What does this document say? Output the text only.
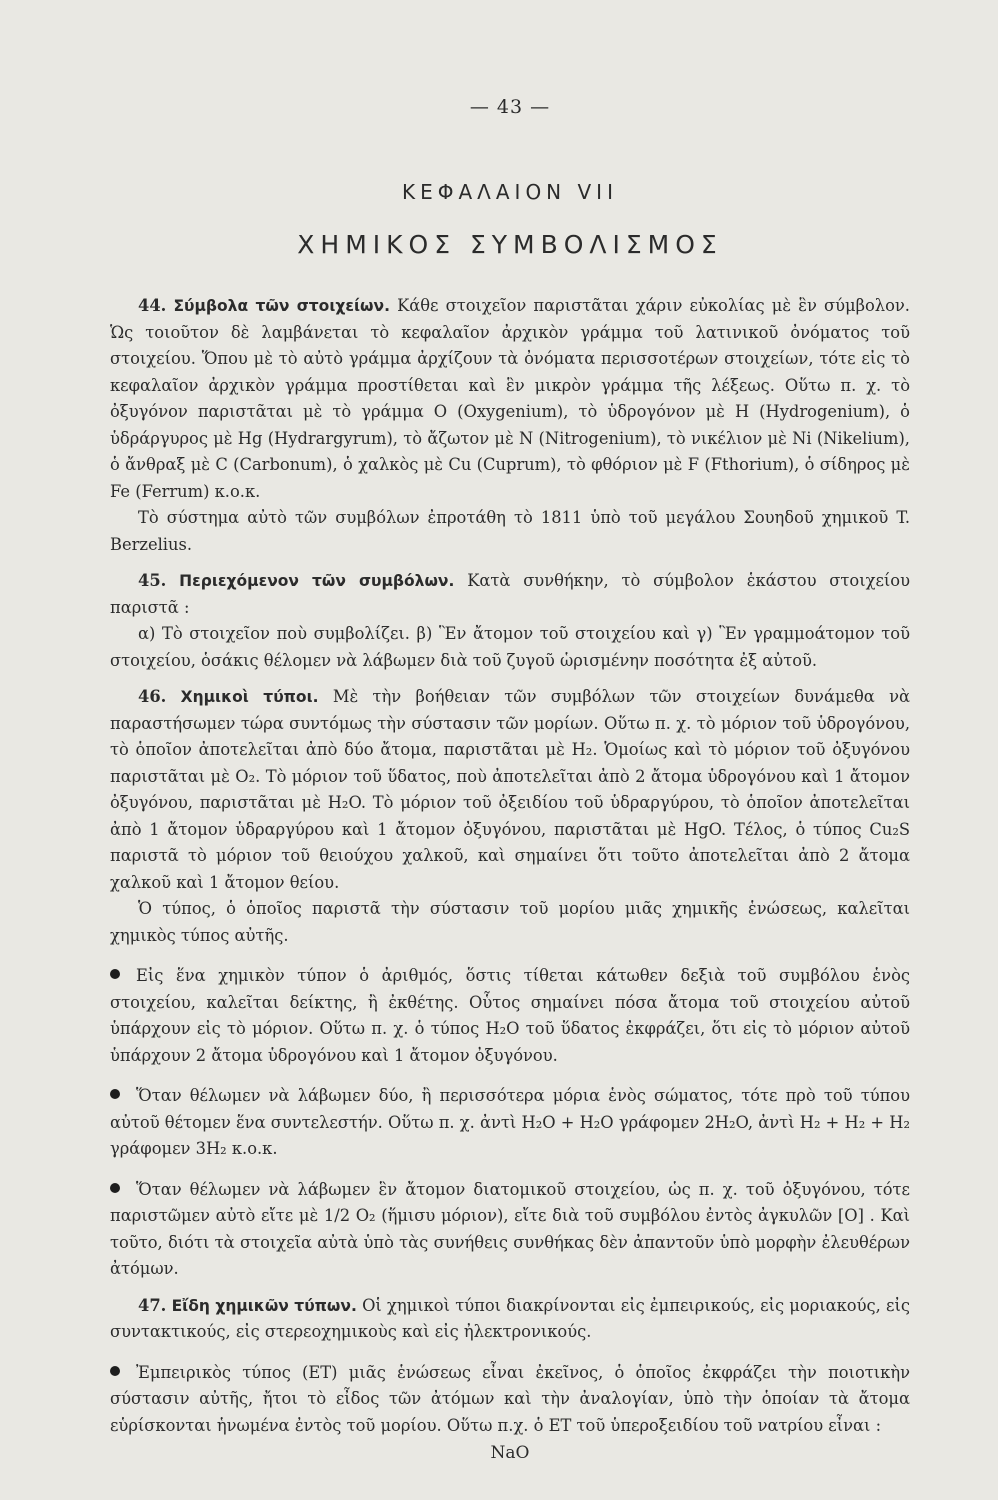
— 43 —
ΚΕΦΑΛΑΙΟΝ VII
ΧΗΜΙΚΟΣ ΣΥΜΒΟΛΙΣΜΟΣ

44. Σύμβολα τῶν στοιχείων. Κάθε στοιχεῖον παριστᾶται χάριν εὐκολίας μὲ ἓν σύμβολον. Ὡς τοιοῦτον δὲ λαμβάνεται τὸ κεφαλαῖον ἀρχικὸν γράμμα τοῦ λατινικοῦ ὀνόματος τοῦ στοιχείου. Ὅπου μὲ τὸ αὐτὸ γράμμα ἀρχίζουν τὰ ὀνόματα περισσοτέρων στοιχείων, τότε εἰς τὸ κεφαλαῖον ἀρχικὸν γράμμα προστίθεται καὶ ἓν μικρὸν γράμμα τῆς λέξεως. Οὕτω π. χ. τὸ ὀξυγόνον παριστᾶται μὲ τὸ γράμμα O (Oxygenium), τὸ ὑδρογόνον μὲ H (Hydrogenium), ὁ ὑδράργυρος μὲ Hg (Hydrargyrum), τὸ ἄζωτον μὲ N (Nitrogenium), τὸ νικέλιον μὲ Ni (Nikelium), ὁ ἄνθραξ μὲ C (Carbonum), ὁ χαλκὸς μὲ Cu (Cuprum), τὸ φθόριον μὲ F (Fthorium), ὁ σίδηρος μὲ Fe (Ferrum) κ.ο.κ.

Τὸ σύστημα αὐτὸ τῶν συμβόλων ἐπροτάθη τὸ 1811 ὑπὸ τοῦ μεγάλου Σουηδοῦ χημικοῦ T. Berzelius.

45. Περιεχόμενον τῶν συμβόλων. Κατὰ συνθήκην, τὸ σύμβολον ἑκάστου στοιχείου παριστᾶ :

α) Τὸ στοιχεῖον ποὺ συμβολίζει. β) Ἓν ἄτομον τοῦ στοιχείου καὶ γ) Ἓν γραμμοάτομον τοῦ στοιχείου, ὁσάκις θέλομεν νὰ λάβωμεν διὰ τοῦ ζυγοῦ ὡρισμένην ποσότητα ἐξ αὐτοῦ.

46. Χημικοὶ τύποι. Μὲ τὴν βοήθειαν τῶν συμβόλων τῶν στοιχείων δυνάμεθα νὰ παραστήσωμεν τώρα συντόμως τὴν σύστασιν τῶν μορίων. Οὕτω π. χ. τὸ μόριον τοῦ ὑδρογόνου, τὸ ὁποῖον ἀποτελεῖται ἀπὸ δύο ἄτομα, παριστᾶται μὲ H₂. Ὁμοίως καὶ τὸ μόριον τοῦ ὀξυγόνου παριστᾶται μὲ O₂. Τὸ μόριον τοῦ ὕδατος, ποὺ ἀποτελεῖται ἀπὸ 2 ἄτομα ὑδρογόνου καὶ 1 ἄτομον ὀξυγόνου, παριστᾶται μὲ H₂O. Τὸ μόριον τοῦ ὀξειδίου τοῦ ὑδραργύρου, τὸ ὁποῖον ἀποτελεῖται ἀπὸ 1 ἄτομον ὑδραργύρου καὶ 1 ἄτομον ὀξυγόνου, παριστᾶται μὲ HgO. Τέλος, ὁ τύπος Cu₂S παριστᾶ τὸ μόριον τοῦ θειούχου χαλκοῦ, καὶ σημαίνει ὅτι τοῦτο ἀποτελεῖται ἀπὸ 2 ἄτομα χαλκοῦ καὶ 1 ἄτομον θείου.

Ὁ τύπος, ὁ ὁποῖος παριστᾶ τὴν σύστασιν τοῦ μορίου μιᾶς χημικῆς ἑνώσεως, καλεῖται χημικὸς τύπος αὐτῆς.

Εἰς ἕνα χημικὸν τύπον ὁ ἀριθμός, ὅστις τίθεται κάτωθεν δεξιὰ τοῦ συμβόλου ἑνὸς στοιχείου, καλεῖται δείκτης, ἢ ἐκθέτης. Οὗτος σημαίνει πόσα ἄτομα τοῦ στοιχείου αὐτοῦ ὑπάρχουν εἰς τὸ μόριον. Οὕτω π. χ. ὁ τύπος H₂O τοῦ ὕδατος ἐκφράζει, ὅτι εἰς τὸ μόριον αὐτοῦ ὑπάρχουν 2 ἄτομα ὑδρογόνου καὶ 1 ἄτομον ὀξυγόνου.

Ὅταν θέλωμεν νὰ λάβωμεν δύο, ἢ περισσότερα μόρια ἑνὸς σώματος, τότε πρὸ τοῦ τύπου αὐτοῦ θέτομεν ἕνα συντελεστήν. Οὕτω π. χ. ἀντὶ H₂O + H₂O γράφομεν 2H₂O, ἀντὶ H₂ + H₂ + H₂ γράφομεν 3H₂ κ.ο.κ.

Ὅταν θέλωμεν νὰ λάβωμεν ἓν ἄτομον διατομικοῦ στοιχείου, ὡς π. χ. τοῦ ὀξυγόνου, τότε παριστῶμεν αὐτὸ εἴτε μὲ 1/2 O₂ (ἥμισυ μόριον), εἴτε διὰ τοῦ συμβόλου ἐντὸς ἀγκυλῶν [O] . Καὶ τοῦτο, διότι τὰ στοιχεῖα αὐτὰ ὑπὸ τὰς συνήθεις συνθήκας δὲν ἀπαντοῦν ὑπὸ μορφὴν ἐλευθέρων ἀτόμων.

47. Εἴδη χημικῶν τύπων. Οἱ χημικοὶ τύποι διακρίνονται εἰς ἐμπειρικούς, εἰς μοριακούς, εἰς συντακτικούς, εἰς στερεοχημικοὺς καὶ εἰς ἠλεκτρονικούς.

Ἐμπειρικὸς τύπος (ET) μιᾶς ἑνώσεως εἶναι ἐκεῖνος, ὁ ὁποῖος ἐκφράζει τὴν ποιοτικὴν σύστασιν αὐτῆς, ἤτοι τὸ εἶδος τῶν ἀτόμων καὶ τὴν ἀναλογίαν, ὑπὸ τὴν ὁποίαν τὰ ἄτομα εὑρίσκονται ἡνωμένα ἐντὸς τοῦ μορίου. Οὕτω π.χ. ὁ ET τοῦ ὑπεροξειδίου τοῦ νατρίου εἶναι :

NaO
